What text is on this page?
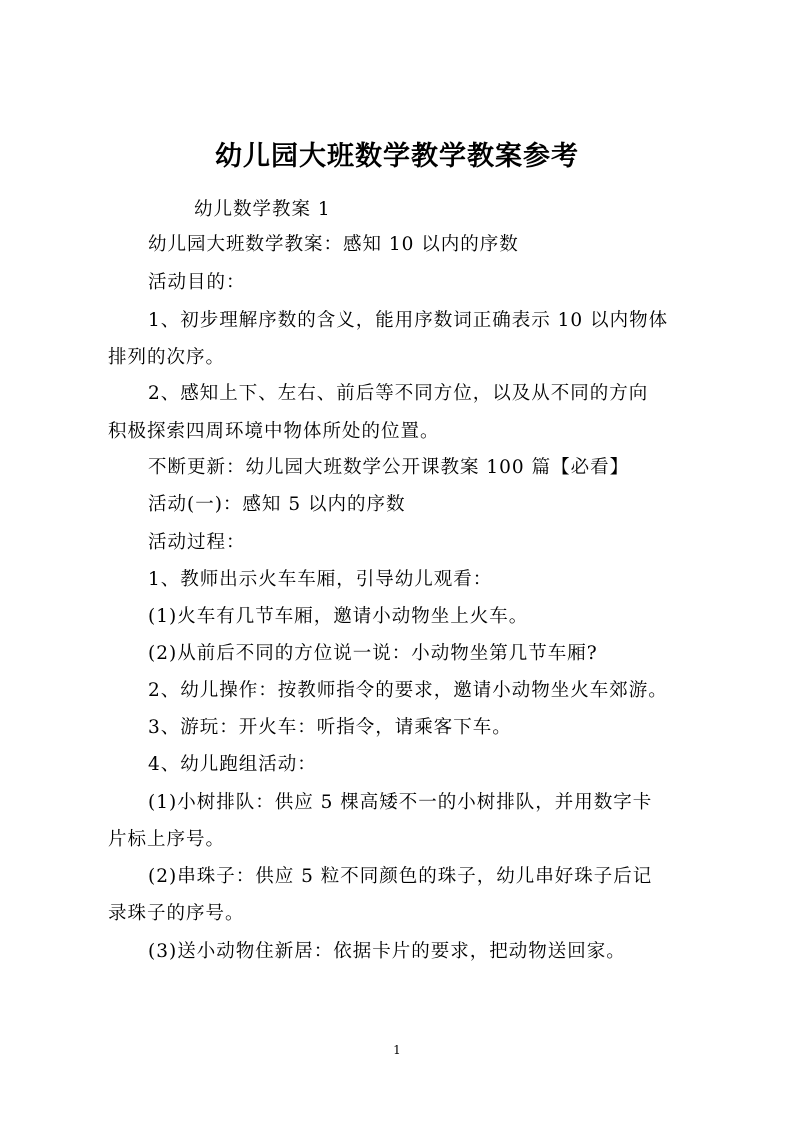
幼儿园大班数学教学教案参考
幼儿数学教案 1
幼儿园大班数学教案：感知 10 以内的序数
活动目的：
1、初步理解序数的含义，能用序数词正确表示 10 以内物体
排列的次序。
2、感知上下、左右、前后等不同方位，以及从不同的方向
积极探索四周环境中物体所处的位置。
不断更新：幼儿园大班数学公开课教案 100 篇【必看】
活动(一)：感知 5 以内的序数
活动过程：
1、教师出示火车车厢，引导幼儿观看：
(1)火车有几节车厢，邀请小动物坐上火车。
(2)从前后不同的方位说一说：小动物坐第几节车厢?
2、幼儿操作：按教师指令的要求，邀请小动物坐火车郊游。
3、游玩：开火车：听指令，请乘客下车。
4、幼儿跑组活动：
(1)小树排队：供应 5 棵高矮不一的小树排队，并用数字卡
片标上序号。
(2)串珠子：供应 5 粒不同颜色的珠子，幼儿串好珠子后记
录珠子的序号。
(3)送小动物住新居：依据卡片的要求，把动物送回家。
1
